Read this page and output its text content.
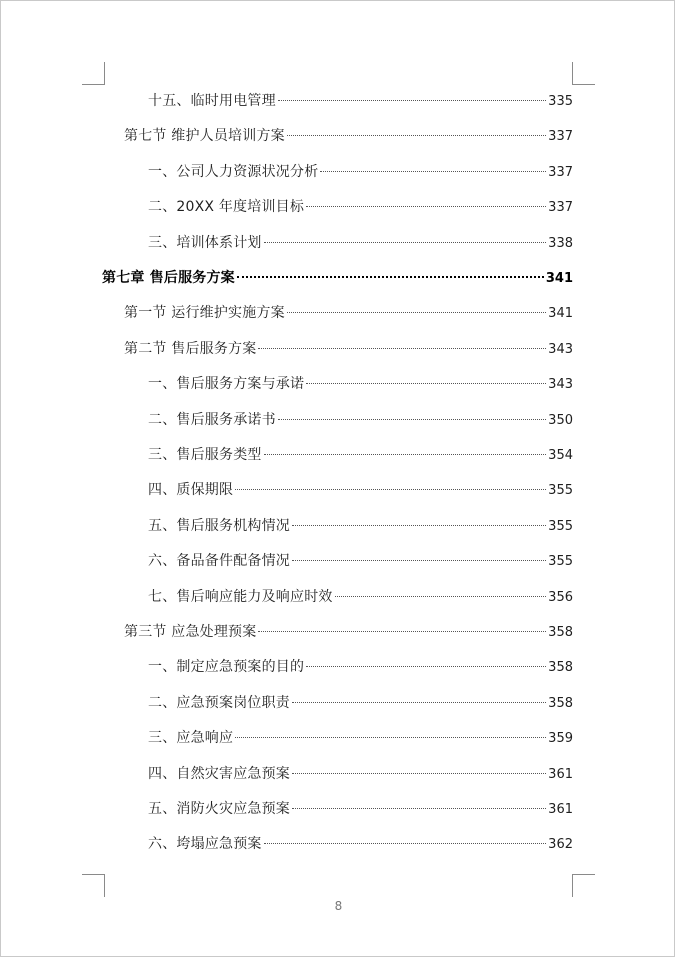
十五、临时用电管理	335
第七节 维护人员培训方案	337
一、公司人力资源状况分析	337
二、20XX 年度培训目标	337
三、培训体系计划	338
第七章 售后服务方案	341
第一节 运行维护实施方案	341
第二节 售后服务方案	343
一、售后服务方案与承诺	343
二、售后服务承诺书	350
三、售后服务类型	354
四、质保期限	355
五、售后服务机构情况	355
六、备品备件配备情况	355
七、售后响应能力及响应时效	356
第三节 应急处理预案	358
一、制定应急预案的目的	358
二、应急预案岗位职责	358
三、应急响应	359
四、自然灾害应急预案	361
五、消防火灾应急预案	361
六、垮塌应急预案	362
8
